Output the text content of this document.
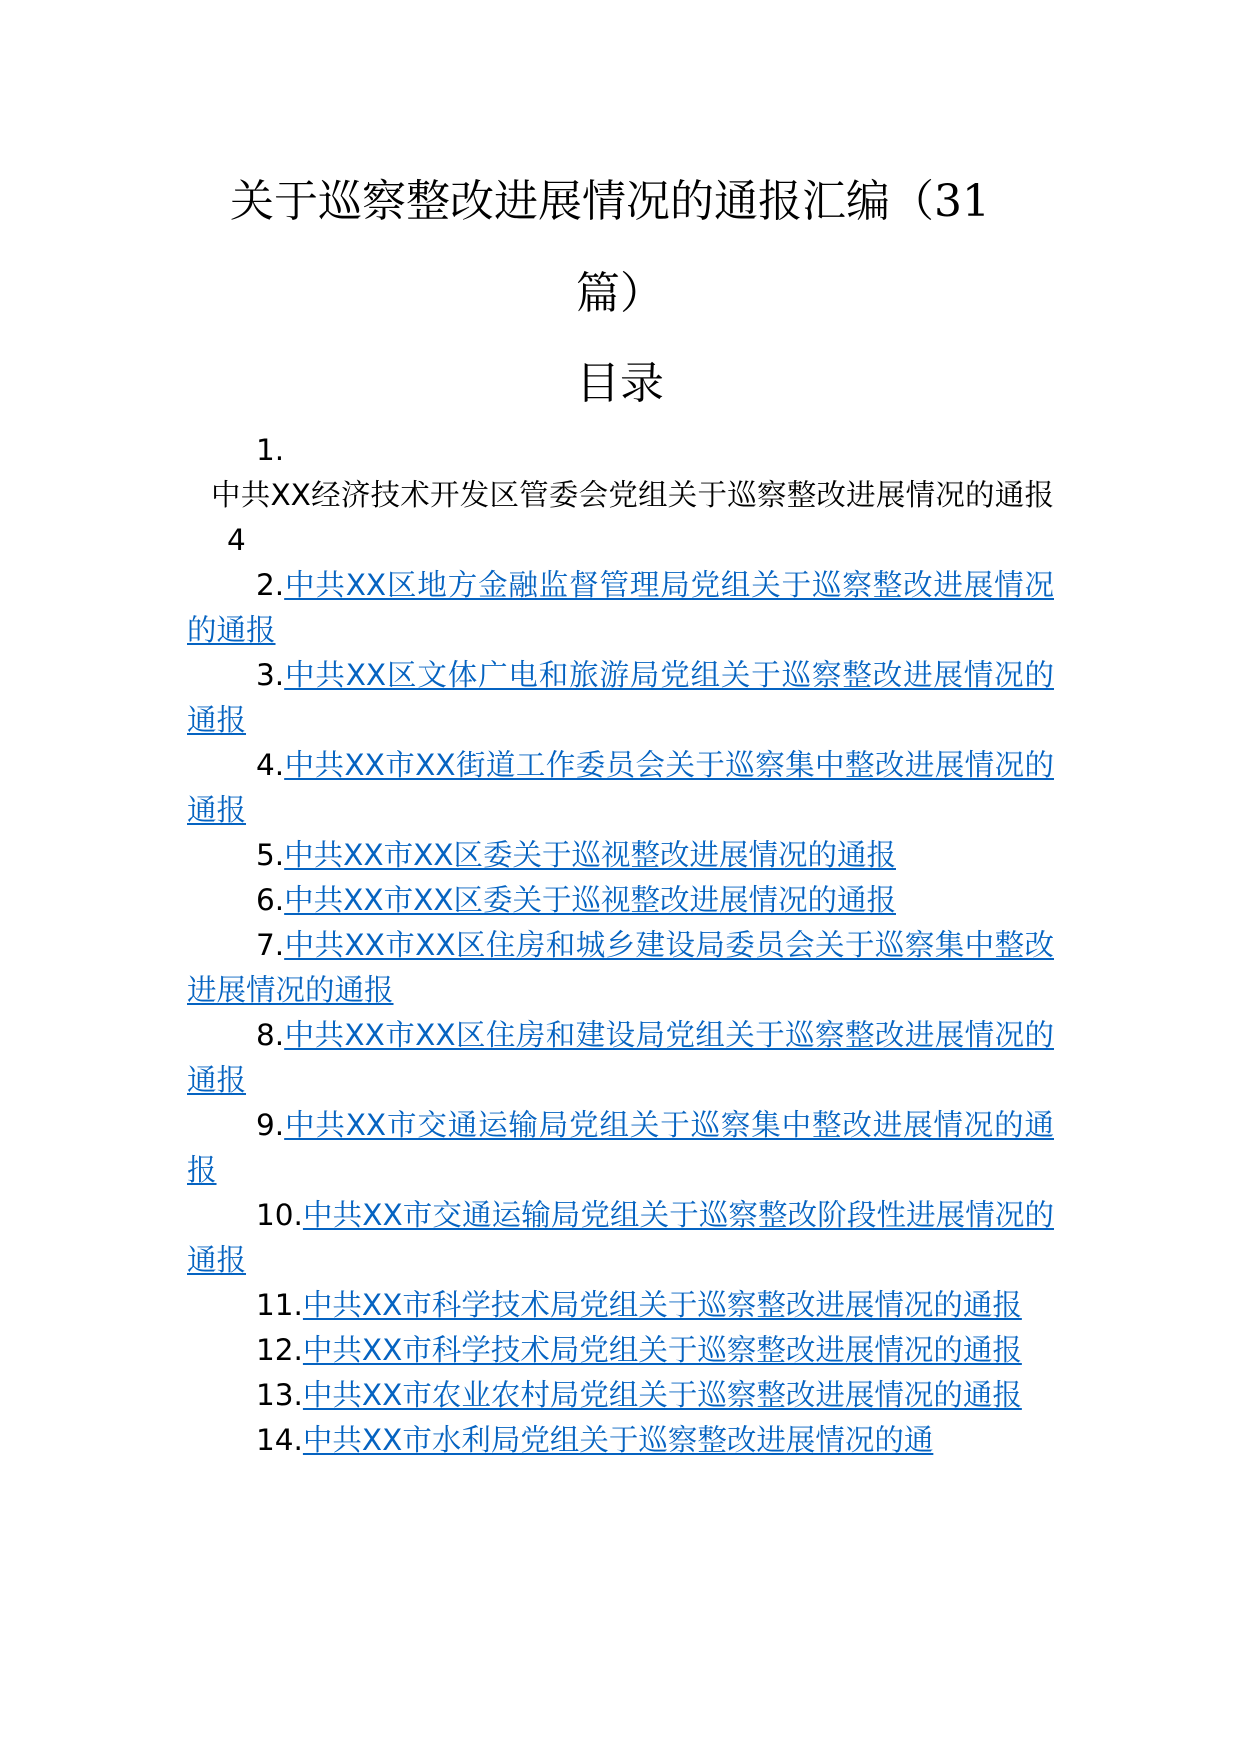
关于巡察整改进展情况的通报汇编（31
篇）
目录
1.
中共XX经济技术开发区管委会党组关于巡察整改进展情况的通报4
2.中共XX区地方金融监督管理局党组关于巡察整改进展情况的通报
3.中共XX区文体广电和旅游局党组关于巡察整改进展情况的通报
4.中共XX市XX街道工作委员会关于巡察集中整改进展情况的通报
5.中共XX市XX区委关于巡视整改进展情况的通报
6.中共XX市XX区委关于巡视整改进展情况的通报
7.中共XX市XX区住房和城乡建设局委员会关于巡察集中整改进展情况的通报
8.中共XX市XX区住房和建设局党组关于巡察整改进展情况的通报
9.中共XX市交通运输局党组关于巡察集中整改进展情况的通报
10.中共XX市交通运输局党组关于巡察整改阶段性进展情况的通报
11.中共XX市科学技术局党组关于巡察整改进展情况的通报
12.中共XX市科学技术局党组关于巡察整改进展情况的通报
13.中共XX市农业农村局党组关于巡察整改进展情况的通报
14.中共XX市水利局党组关于巡察整改进展情况的通
